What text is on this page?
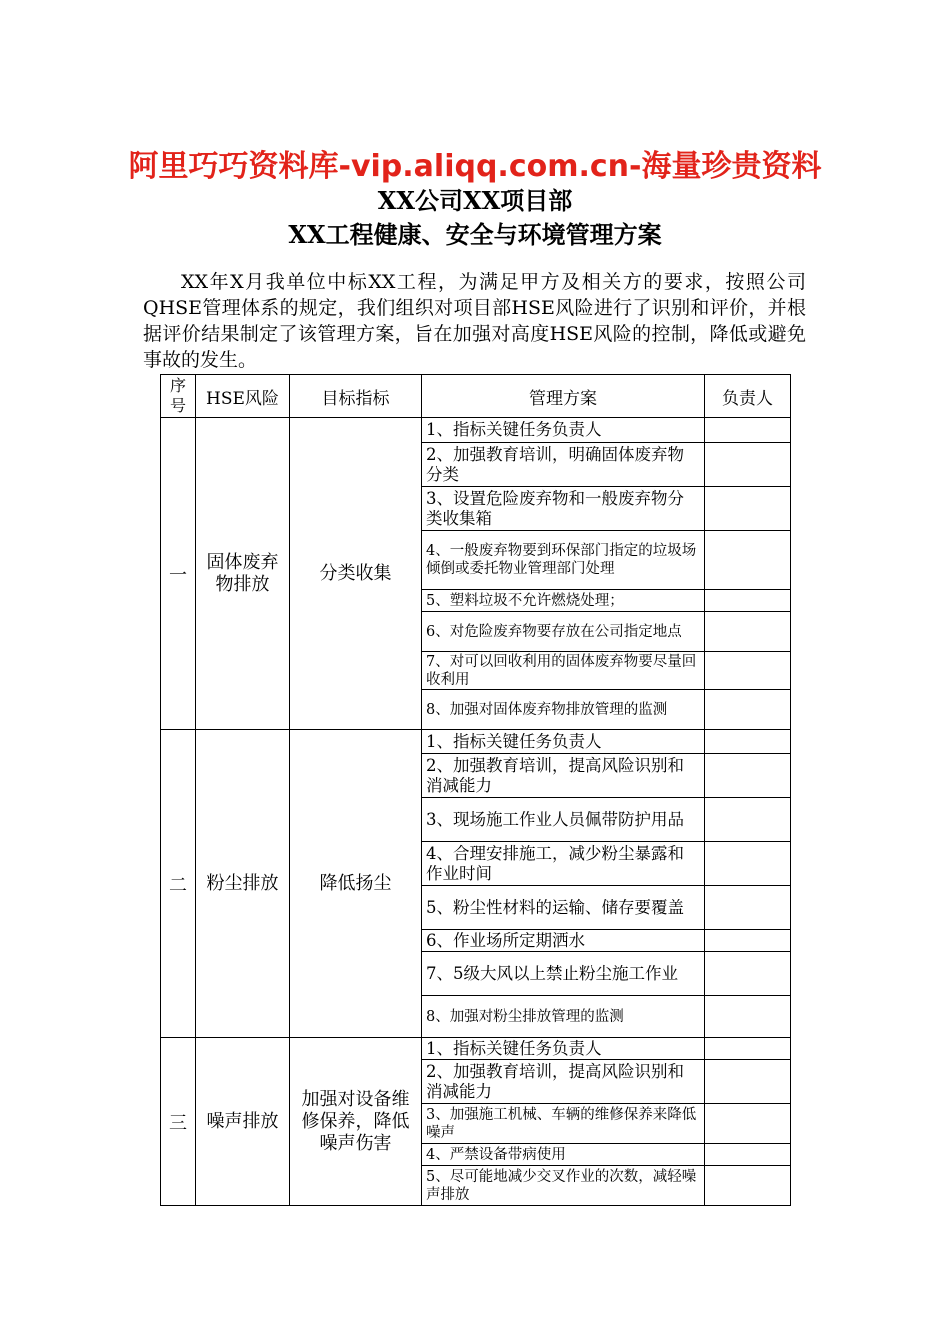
阿里巧巧资料库-vip.aliqq.com.cn-海量珍贵资料
XX公司XX项目部
XX工程健康、安全与环境管理方案

XX年X月我单位中标XX工程，为满足甲方及相关方的要求，按照公司QHSE管理体系的规定，我们组织对项目部HSE风险进行了识别和评价，并根据评价结果制定了该管理方案，旨在加强对高度HSE风险的控制，降低或避免事故的发生。

序号	HSE风险	目标指标	管理方案	负责人
一	固体废弃物排放	分类收集	1、指标关键任务负责人	
			2、加强教育培训，明确固体废弃物分类	
			3、设置危险废弃物和一般废弃物分类收集箱	
			4、一般废弃物要到环保部门指定的垃圾场倾倒或委托物业管理部门处理	
			5、塑料垃圾不允许燃烧处理；	
			6、对危险废弃物要存放在公司指定地点	
			7、对可以回收利用的固体废弃物要尽量回收利用	
			8、加强对固体废弃物排放管理的监测	
二	粉尘排放	降低扬尘	1、指标关键任务负责人	
			2、加强教育培训，提高风险识别和消减能力	
			3、现场施工作业人员佩带防护用品	
			4、合理安排施工，减少粉尘暴露和作业时间	
			5、粉尘性材料的运输、储存要覆盖	
			6、作业场所定期洒水	
			7、5级大风以上禁止粉尘施工作业	
			8、加强对粉尘排放管理的监测	
三	噪声排放	加强对设备维修保养，降低噪声伤害	1、指标关键任务负责人	
			2、加强教育培训，提高风险识别和消减能力	
			3、加强施工机械、车辆的维修保养来降低噪声	
			4、严禁设备带病使用	
			5、尽可能地减少交叉作业的次数，减轻噪声排放	
